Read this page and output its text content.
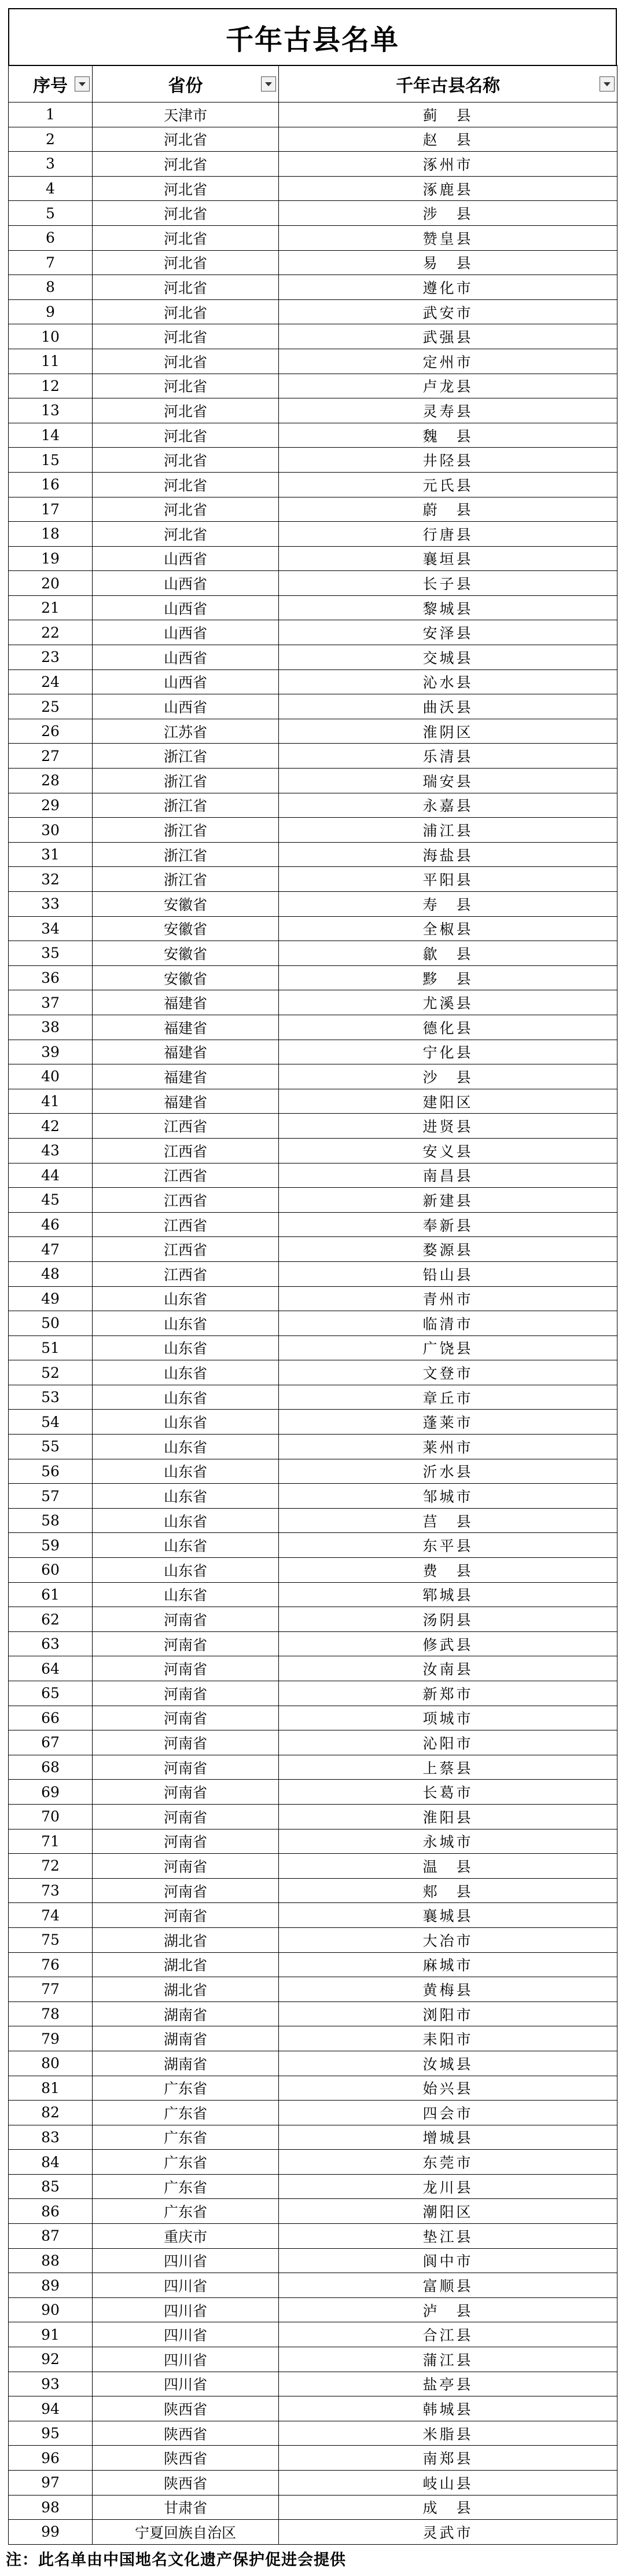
千年古县名单
序号	省份	千年古县名称

1	天津市	蓟　县
2	河北省	赵　县
3	河北省	涿州市
4	河北省	涿鹿县
5	河北省	涉　县
6	河北省	赞皇县
7	河北省	易　县
8	河北省	遵化市
9	河北省	武安市
10	河北省	武强县
11	河北省	定州市
12	河北省	卢龙县
13	河北省	灵寿县
14	河北省	魏　县
15	河北省	井陉县
16	河北省	元氏县
17	河北省	蔚　县
18	河北省	行唐县
19	山西省	襄垣县
20	山西省	长子县
21	山西省	黎城县
22	山西省	安泽县
23	山西省	交城县
24	山西省	沁水县
25	山西省	曲沃县
26	江苏省	淮阴区
27	浙江省	乐清县
28	浙江省	瑞安县
29	浙江省	永嘉县
30	浙江省	浦江县
31	浙江省	海盐县
32	浙江省	平阳县
33	安徽省	寿　县
34	安徽省	全椒县
35	安徽省	歙　县
36	安徽省	黟　县
37	福建省	尤溪县
38	福建省	德化县
39	福建省	宁化县
40	福建省	沙　县
41	福建省	建阳区
42	江西省	进贤县
43	江西省	安义县
44	江西省	南昌县
45	江西省	新建县
46	江西省	奉新县
47	江西省	婺源县
48	江西省	铅山县
49	山东省	青州市
50	山东省	临清市
51	山东省	广饶县
52	山东省	文登市
53	山东省	章丘市
54	山东省	蓬莱市
55	山东省	莱州市
56	山东省	沂水县
57	山东省	邹城市
58	山东省	莒　县
59	山东省	东平县
60	山东省	费　县
61	山东省	郓城县
62	河南省	汤阴县
63	河南省	修武县
64	河南省	汝南县
65	河南省	新郑市
66	河南省	项城市
67	河南省	沁阳市
68	河南省	上蔡县
69	河南省	长葛市
70	河南省	淮阳县
71	河南省	永城市
72	河南省	温　县
73	河南省	郏　县
74	河南省	襄城县
75	湖北省	大冶市
76	湖北省	麻城市
77	湖北省	黄梅县
78	湖南省	浏阳市
79	湖南省	耒阳市
80	湖南省	汝城县
81	广东省	始兴县
82	广东省	四会市
83	广东省	增城县
84	广东省	东莞市
85	广东省	龙川县
86	广东省	潮阳区
87	重庆市	垫江县
88	四川省	阆中市
89	四川省	富顺县
90	四川省	泸　县
91	四川省	合江县
92	四川省	蒲江县
93	四川省	盐亭县
94	陕西省	韩城县
95	陕西省	米脂县
96	陕西省	南郑县
97	陕西省	岐山县
98	甘肃省	成　县
99	宁夏回族自治区	灵武市
注：此名单由中国地名文化遗产保护促进会提供
